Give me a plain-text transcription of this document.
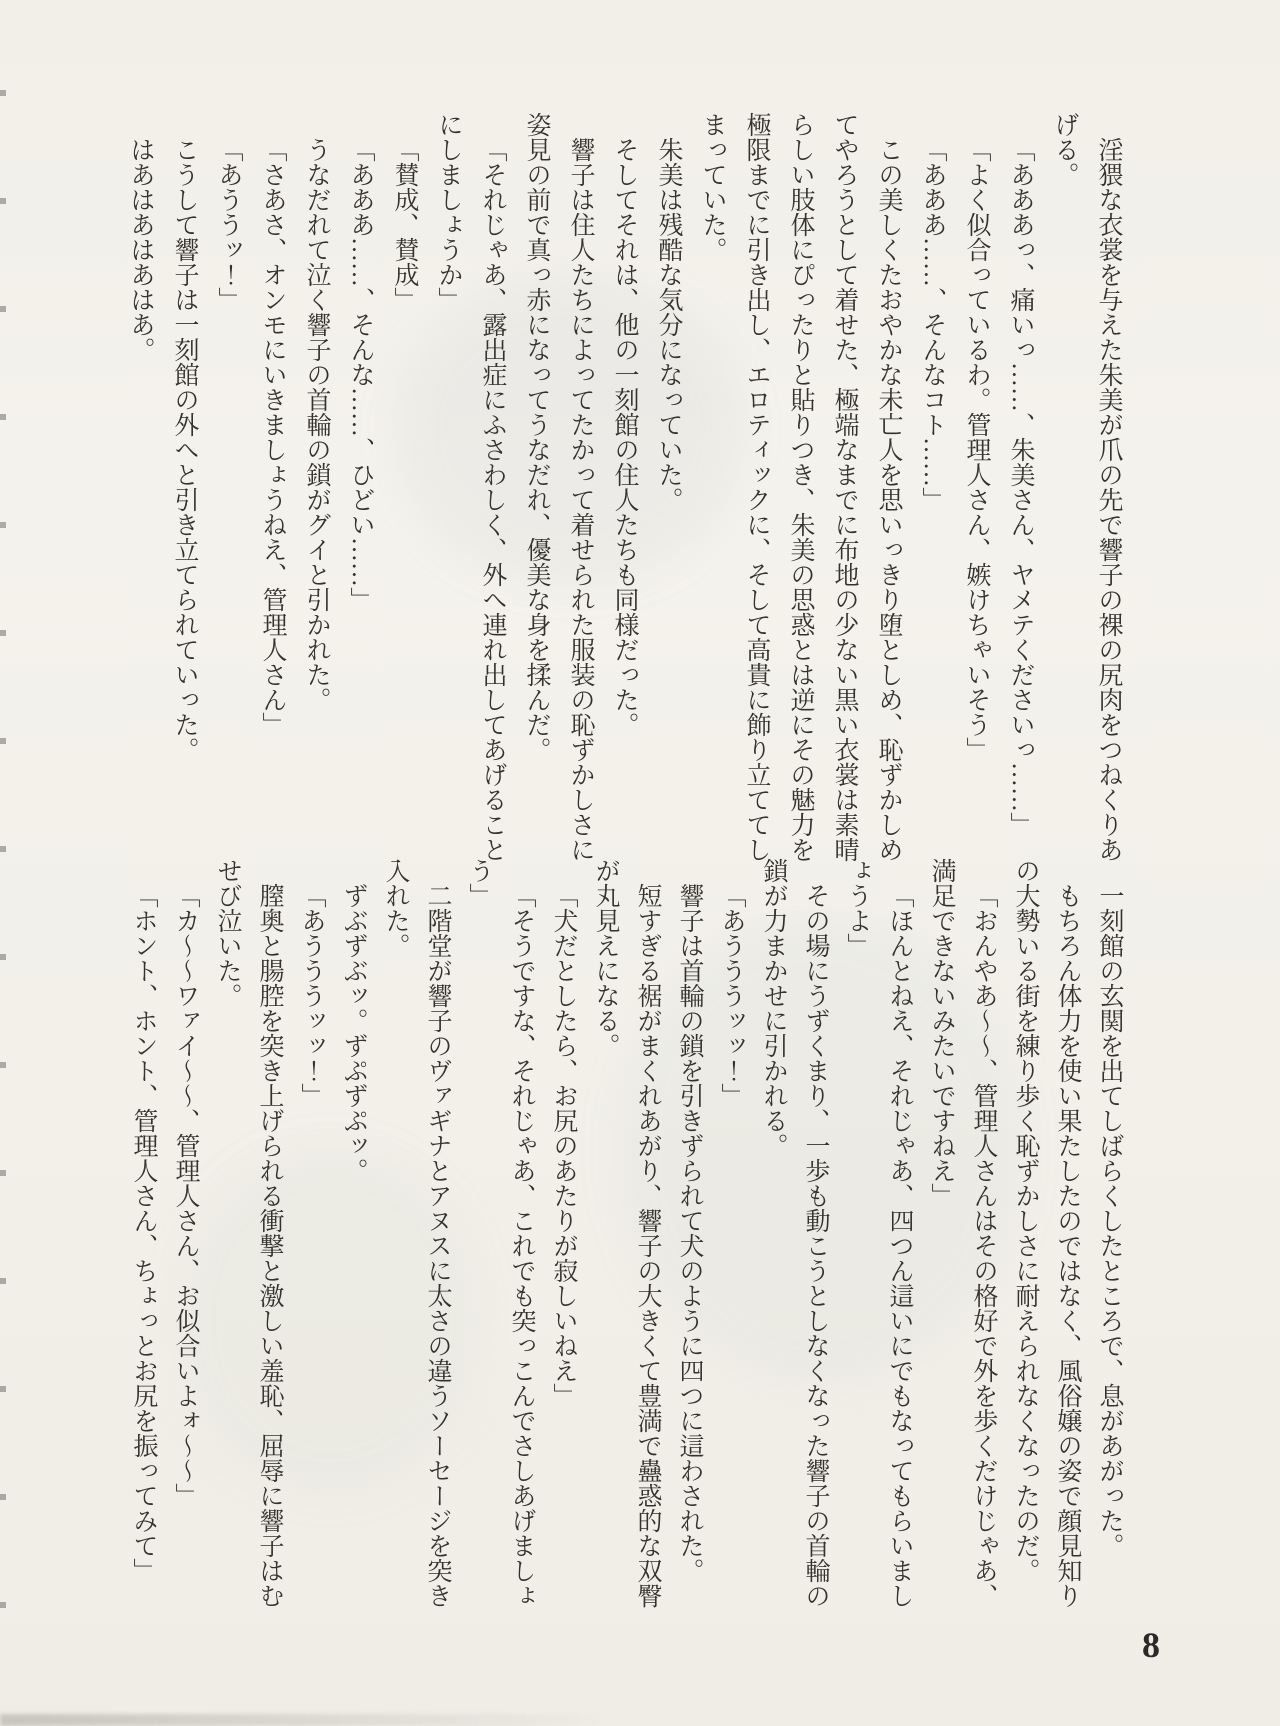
淫猥な衣裳を与えた朱美が爪の先で響子の裸の尻肉をつねくりあげる。

「あああっ、痛いっ……、朱美さん、ヤメテくださいっ……」

「よく似合っているわ。管理人さん、嫉けちゃいそう」

「あああ……、そんなコト……」

この美しくたおやかな未亡人を思いっきり堕としめ、恥ずかしめてやろうとして着せた、極端なまでに布地の少ない黒い衣裳は素晴らしい肢体にぴったりと貼りつき、朱美の思惑とは逆にその魅力を極限までに引き出し、エロティックに、そして高貴に飾り立ててしまっていた。

朱美は残酷な気分になっていた。

そしてそれは、他の一刻館の住人たちも同様だった。

響子は住人たちによってたかって着せられた服装の恥ずかしさに姿見の前で真っ赤になってうなだれ、優美な身を揉んだ。

「それじゃあ、露出症にふさわしく、外へ連れ出してあげることにしましょうか」

「賛成、賛成」

「あああ……、そんな……、ひどい……」

うなだれて泣く響子の首輪の鎖がグイと引かれた。

「さあさ、オンモにいきましょうねえ、管理人さん」

「あううッ！」

こうして響子は一刻館の外へと引き立てられていった。

はあはあはあはあ。

一刻館の玄関を出てしばらくしたところで、息があがった。

もちろん体力を使い果たしたのではなく、風俗嬢の姿で顔見知りの大勢いる街を練り歩く恥ずかしさに耐えられなくなったのだ。

「おんやあ～～、管理人さんはその格好で外を歩くだけじゃあ、満足できないみたいですねえ」

「ほんとねえ、それじゃあ、四つん這いにでもなってもらいましょうよ」

その場にうずくまり、一歩も動こうとしなくなった響子の首輪の鎖が力まかせに引かれる。

「あうううッッ！」

響子は首輪の鎖を引きずられて犬のように四つに這わされた。

短すぎる裾がまくれあがり、響子の大きくて豊満で蠱惑的な双臀が丸見えになる。

「犬だとしたら、お尻のあたりが寂しいねえ」

「そうですな、それじゃあ、これでも突っこんでさしあげましょう」

二階堂が響子のヴァギナとアヌスに太さの違うソーセージを突き入れた。

ずぶずぶッ。ずぷずぷッ。

「あうううッッ！」

膣奥と腸腔を突き上げられる衝撃と激しい羞恥、屈辱に響子はむせび泣いた。

「カ～～ワァイ～～、管理人さん、お似合いよォ～～」

「ホント、ホント、管理人さん、ちょっとお尻を振ってみて」

8
